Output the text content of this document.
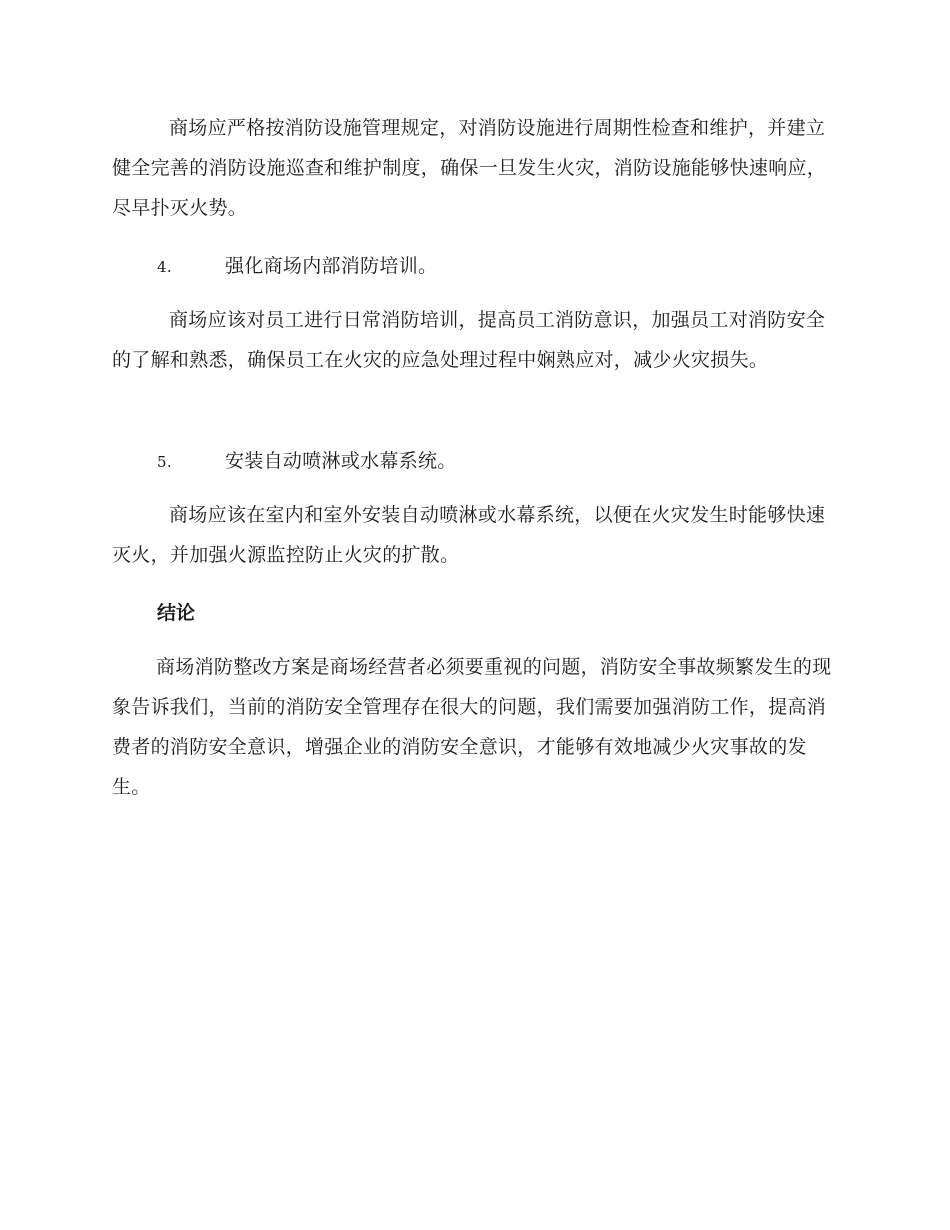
商场应严格按消防设施管理规定，对消防设施进行周期性检查和维护，并建立健全完善的消防设施巡查和维护制度，确保一旦发生火灾，消防设施能够快速响应，尽早扑灭火势。

4.	强化商场内部消防培训。

商场应该对员工进行日常消防培训，提高员工消防意识，加强员工对消防安全的了解和熟悉，确保员工在火灾的应急处理过程中娴熟应对，减少火灾损失。

5.	安装自动喷淋或水幕系统。

商场应该在室内和室外安装自动喷淋或水幕系统，以便在火灾发生时能够快速灭火，并加强火源监控防止火灾的扩散。

结论

商场消防整改方案是商场经营者必须要重视的问题，消防安全事故频繁发生的现象告诉我们，当前的消防安全管理存在很大的问题，我们需要加强消防工作，提高消费者的消防安全意识，增强企业的消防安全意识，才能够有效地减少火灾事故的发生。
